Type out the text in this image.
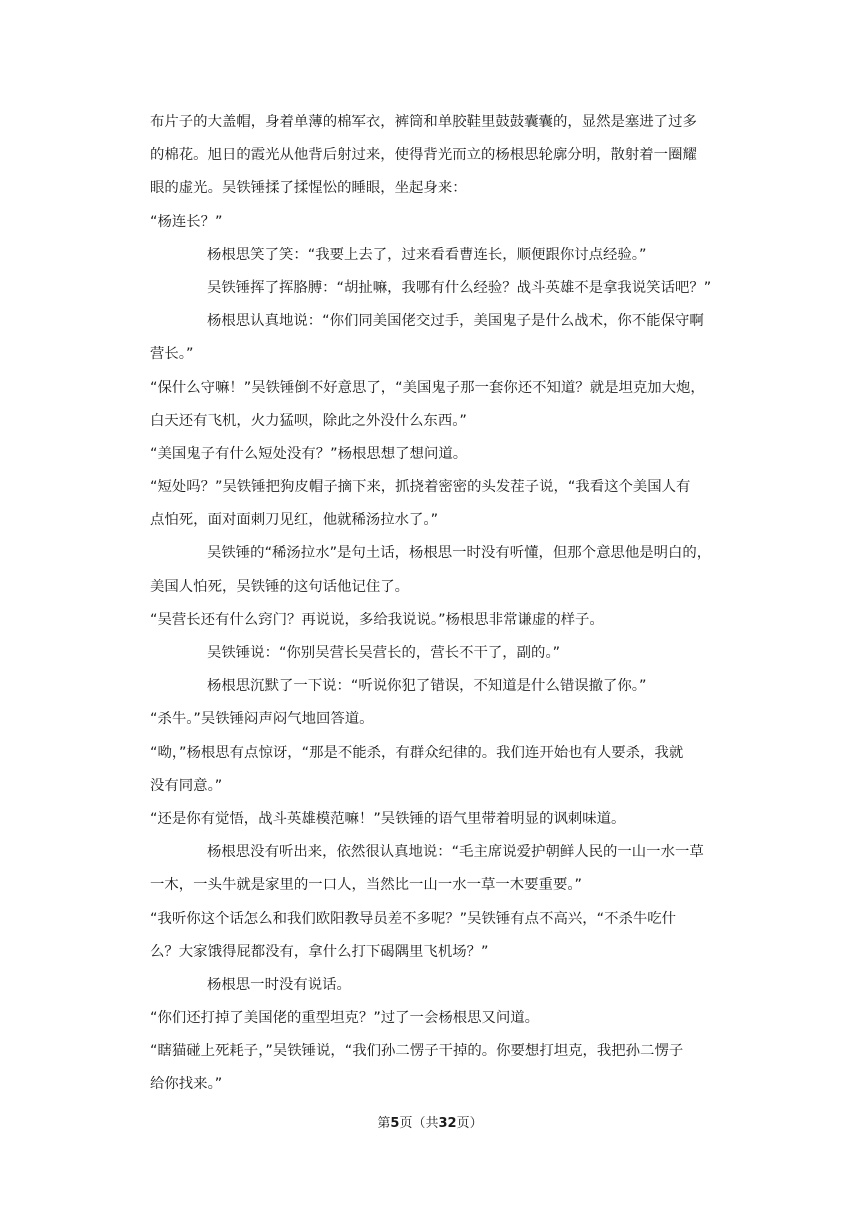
布片子的大盖帽，身着单薄的棉军衣，裤筒和单胶鞋里鼓鼓囊囊的，显然是塞进了过多
的棉花。旭日的霞光从他背后射过来，使得背光而立的杨根思轮廓分明，散射着一圈耀
眼的虚光。吴铁锤揉了揉惺忪的睡眼，坐起身来：
“杨连长？”
杨根思笑了笑：“我要上去了，过来看看曹连长，顺便跟你讨点经验。”
吴铁锤挥了挥胳膊：“胡扯嘛，我哪有什么经验？战斗英雄不是拿我说笑话吧？”
杨根思认真地说：“你们同美国佬交过手，美国鬼子是什么战术，你不能保守啊
营长。”
“保什么守嘛！”吴铁锤倒不好意思了，“美国鬼子那一套你还不知道？就是坦克加大炮，
白天还有飞机，火力猛呗，除此之外没什么东西。”
“美国鬼子有什么短处没有？”杨根思想了想问道。
“短处吗？”吴铁锤把狗皮帽子摘下来，抓挠着密密的头发茬子说，“我看这个美国人有
点怕死，面对面刺刀见红，他就稀汤拉水了。”
吴铁锤的“稀汤拉水”是句土话，杨根思一时没有听懂，但那个意思他是明白的，
美国人怕死，吴铁锤的这句话他记住了。
“吴营长还有什么窍门？再说说，多给我说说。”杨根思非常谦虚的样子。
吴铁锤说：“你别吴营长吴营长的，营长不干了，副的。”
杨根思沉默了一下说：“听说你犯了错误，不知道是什么错误撤了你。”
“杀牛。”吴铁锤闷声闷气地回答道。
“呦，”杨根思有点惊讶，“那是不能杀，有群众纪律的。我们连开始也有人要杀，我就
没有同意。”
“还是你有觉悟，战斗英雄模范嘛！”吴铁锤的语气里带着明显的讽刺味道。
杨根思没有听出来，依然很认真地说：“毛主席说爱护朝鲜人民的一山一水一草
一木，一头牛就是家里的一口人，当然比一山一水一草一木要重要。”
“我听你这个话怎么和我们欧阳教导员差不多呢？”吴铁锤有点不高兴，“不杀牛吃什
么？大家饿得屁都没有，拿什么打下碣隅里飞机场？”
杨根思一时没有说话。
“你们还打掉了美国佬的重型坦克？”过了一会杨根思又问道。
“瞎猫碰上死耗子，”吴铁锤说，“我们孙二愣子干掉的。你要想打坦克，我把孙二愣子
给你找来。”
第5页（共32页）
